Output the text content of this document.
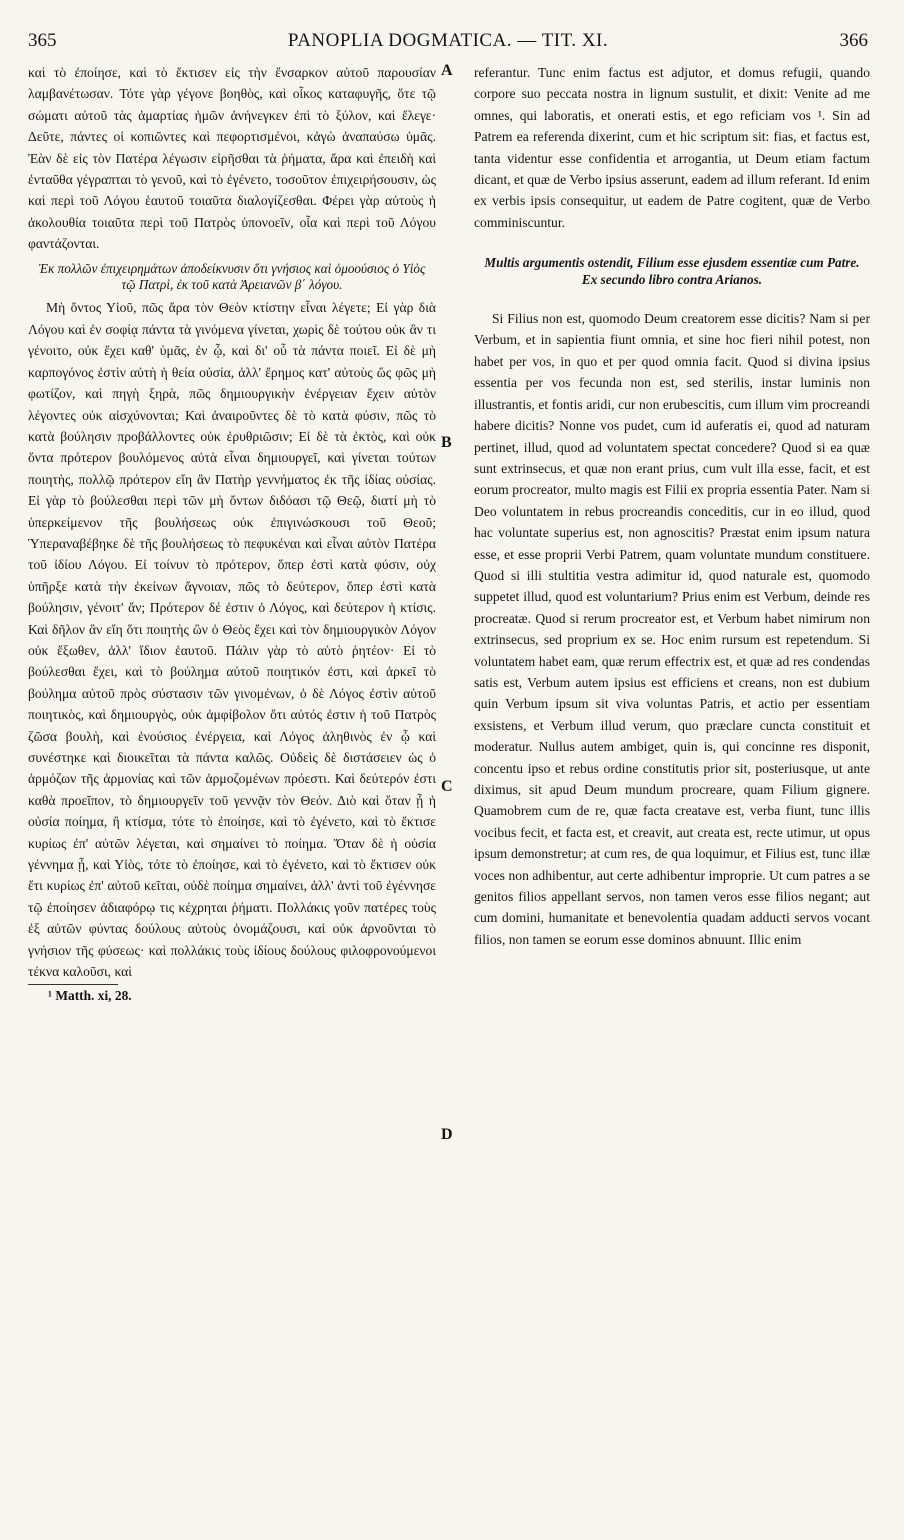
PANOPLIA DOGMATICA. — TIT. XI.
365	366
A
B
C
D

καὶ τὸ ἐποίησε, καὶ τὸ ἔκτισεν εἰς τὴν ἔνσαρκον αὐτοῦ παρουσίαν λαμβανέτωσαν. Τότε γὰρ γέγονε βοηθὸς, καὶ οἶκος καταφυγῆς, ὅτε τῷ σώματι αὐτοῦ τὰς ἁμαρτίας ἡμῶν ἀνήνεγκεν ἐπὶ τὸ ξύλον, καὶ ἔλεγε· Δεῦτε, πάντες οἱ κοπιῶντες καὶ πεφορτισμένοι, κἀγὼ ἀναπαύσω ὑμᾶς. Ἐὰν δὲ εἰς τὸν Πατέρα λέγωσιν εἰρῆσθαι τὰ ῥήματα, ἄρα καὶ ἐπειδὴ καὶ ἐνταῦθα γέγραπται τὸ γενοῦ, καὶ τὸ ἐγένετο, τοσοῦτον ἐπιχειρήσουσιν, ὡς καὶ περὶ τοῦ Λόγου ἑαυτοῦ τοιαῦτα διαλογίζεσθαι. Φέρει γὰρ αὐτοὺς ἡ ἀκολουθία τοιαῦτα περὶ τοῦ Πατρὸς ὑπονοεῖν, οἷα καὶ περὶ τοῦ Λόγου φαντάζονται.

Ἐκ πολλῶν ἐπιχειρημάτων ἀποδείκνυσιν ὅτι γνήσιος καὶ ὁμοούσιος ὁ Υἱὸς τῷ Πατρὶ, ἐκ τοῦ κατὰ Ἀρειανῶν β΄ λόγου.

Μὴ ὄντος Υἱοῦ, πῶς ἄρα τὸν Θεὸν κτίστην εἶναι λέγετε; Εἰ γὰρ διὰ Λόγου καὶ ἐν σοφίᾳ πάντα τὰ γινόμενα γίνεται, χωρὶς δὲ τούτου οὐκ ἂν τι γένοιτο, οὐκ ἔχει καθ' ὑμᾶς, ἐν ᾧ, καὶ δι' οὗ τὰ πάντα ποιεῖ. Εἰ δὲ μὴ καρπογόνος ἐστὶν αὐτὴ ἡ θεία οὐσία, ἀλλ' ἔρημος κατ' αὐτοὺς ὥς φῶς μὴ φωτίζον, καὶ πηγὴ ξηρὰ, πῶς δημιουργικὴν ἐνέργειαν ἔχειν αὐτὸν λέγοντες οὐκ αἰσχύνονται; Καὶ ἀναιροῦντες δὲ τὸ κατὰ φύσιν, πῶς τὸ κατὰ βούλησιν προβάλλοντες οὐκ ἐρυθριῶσιν; Εἰ δὲ τὰ ἐκτὸς, καὶ οὐκ ὄντα πρότερον βουλόμενος αὐτὰ εἶναι δημιουργεῖ, καὶ γίνεται τούτων ποιητὴς, πολλῷ πρότερον εἴη ἂν Πατὴρ γεννήματος ἐκ τῆς ἰδίας οὐσίας. Εἰ γὰρ τὸ βούλεσθαι περὶ τῶν μὴ ὄντων διδόασι τῷ Θεῷ, διατί μὴ τὸ ὑπερκείμενον τῆς βουλήσεως οὐκ ἐπιγινώσκουσι τοῦ Θεοῦ; Ὑπεραναβέβηκε δὲ τῆς βουλήσεως τὸ πεφυκέναι καὶ εἶναι αὐτὸν Πατέρα τοῦ ἰδίου Λόγου. Εἰ τοίνυν τὸ πρότερον, ὅπερ ἐστὶ κατὰ φύσιν, οὐχ ὑπῆρξε κατὰ τὴν ἐκείνων ἄγνοιαν, πῶς τὸ δεύτερον, ὅπερ ἐστὶ κατὰ βούλησιν, γένοιτ' ἄν; Πρότερον δέ ἐστιν ὁ Λόγος, καὶ δεύτερον ἡ κτίσις. Καὶ δῆλον ἂν εἴη ὅτι ποιητὴς ὢν ὁ Θεὸς ἔχει καὶ τὸν δημιουργικὸν Λόγον οὐκ ἔξωθεν, ἀλλ' ἴδιον ἑαυτοῦ. Πάλιν γὰρ τὸ αὐτὸ ῥητέον· Εἰ τὸ βούλεσθαι ἔχει, καὶ τὸ βούλημα αὐτοῦ ποιητικόν ἐστι, καὶ ἀρκεῖ τὸ βούλημα αὐτοῦ πρὸς σύστασιν τῶν γινομένων, ὁ δὲ Λόγος ἐστὶν αὐτοῦ ποιητικὸς, καὶ δημιουργὸς, οὐκ ἀμφίβολον ὅτι αὐτός ἐστιν ἡ τοῦ Πατρὸς ζῶσα βουλὴ, καὶ ἐνούσιος ἐνέργεια, καὶ Λόγος ἀληθινὸς ἐν ᾧ καὶ συνέστηκε καὶ διοικεῖται τὰ πάντα καλῶς. Οὐδεὶς δὲ διστάσειεν ὡς ὁ ἁρμόζων τῆς ἁρμονίας καὶ τῶν ἁρμοζομένων πρόεστι. Καὶ δεύτερόν ἐστι καθὰ προεῖπον, τὸ δημιουργεῖν τοῦ γεννᾷν τὸν Θεόν. Διὸ καὶ ὅταν ᾖ ἡ οὐσία ποίημα, ἢ κτίσμα, τότε τὸ ἐποίησε, καὶ τὸ ἐγένετο, καὶ τὸ ἔκτισε κυρίως ἐπ' αὐτῶν λέγεται, καὶ σημαίνει τὸ ποίημα. Ὅταν δὲ ἡ οὐσία γέννημα ᾖ, καὶ Υἱὸς, τότε τὸ ἐποίησε, καὶ τὸ ἐγένετο, καὶ τὸ ἔκτισεν οὐκ ἔτι κυρίως ἐπ' αὐτοῦ κεῖται, οὐδὲ ποίημα σημαίνει, ἀλλ' ἀντὶ τοῦ ἐγέννησε τῷ ἐποίησεν ἀδιαφόρῳ τις κέχρηται ῥήματι. Πολλάκις γοῦν πατέρες τοὺς ἐξ αὐτῶν φύντας δούλους αὐτοὺς ὀνομάζουσι, καὶ οὐκ ἀρνοῦνται τὸ γνήσιον τῆς φύσεως· καὶ πολλάκις τοὺς ἰδίους δούλους φιλοφρονούμενοι τέκνα καλοῦσι, καὶ

¹ Matth. xi, 28.

referantur. Tunc enim factus est adjutor, et domus refugii, quando corpore suo peccata nostra in lignum sustulit, et dixit: Venite ad me omnes, qui laboratis, et onerati estis, et ego reficiam vos ¹. Sin ad Patrem ea referenda dixerint, cum et hic scriptum sit: fias, et factus est, tanta videntur esse confidentia et arrogantia, ut Deum etiam factum dicant, et quæ de Verbo ipsius asserunt, eadem ad illum referant. Id enim ex verbis ipsis consequitur, ut eadem de Patre cogitent, quæ de Verbo comminiscuntur.

Multis argumentis ostendit, Filium esse ejusdem essentiæ cum Patre. Ex secundo libro contra Arianos.

Si Filius non est, quomodo Deum creatorem esse dicitis? Nam si per Verbum, et in sapientia fiunt omnia, et sine hoc fieri nihil potest, non habet per vos, in quo et per quod omnia facit. Quod si divina ipsius essentia per vos fecunda non est, sed sterilis, instar luminis non illustrantis, et fontis aridi, cur non erubescitis, cum illum vim procreandi habere dicitis? Nonne vos pudet, cum id auferatis ei, quod ad naturam pertinet, illud, quod ad voluntatem spectat concedere? Quod si ea quæ sunt extrinsecus, et quæ non erant prius, cum vult illa esse, facit, et est eorum procreator, multo magis est Filii ex propria essentia Pater. Nam si Deo voluntatem in rebus procreandis conceditis, cur in eo illud, quod hac voluntate superius est, non agnoscitis? Præstat enim ipsum natura esse, et esse proprii Verbi Patrem, quam voluntate mundum constituere. Quod si illi stultitia vestra adimitur id, quod naturale est, quomodo suppetet illud, quod est voluntarium? Prius enim est Verbum, deinde res procreatæ. Quod si rerum procreator est, et Verbum habet nimirum non extrinsecus, sed proprium ex se. Hoc enim rursum est repetendum. Si voluntatem habet eam, quæ rerum effectrix est, et quæ ad res condendas satis est, Verbum autem ipsius est efficiens et creans, non est dubium quin Verbum ipsum sit viva voluntas Patris, et actio per essentiam exsistens, et Verbum illud verum, quo præclare cuncta constituit et moderatur. Nullus autem ambiget, quin is, qui concinne res disponit, concentu ipso et rebus ordine constitutis prior sit, posteriusque, ut ante diximus, sit apud Deum mundum procreare, quam Filium gignere. Quamobrem cum de re, quæ facta creatave est, verba fiunt, tunc illis vocibus fecit, et facta est, et creavit, aut creata est, recte utimur, ut opus ipsum demonstretur; at cum res, de qua loquimur, et Filius est, tunc illæ voces non adhibentur, aut certe adhibentur improprie. Ut cum patres a se genitos filios appellant servos, non tamen veros esse filios negant; aut cum domini, humanitate et benevolentia quadam adducti servos vocant filios, non tamen se eorum esse dominos abnuunt. Illic enim
